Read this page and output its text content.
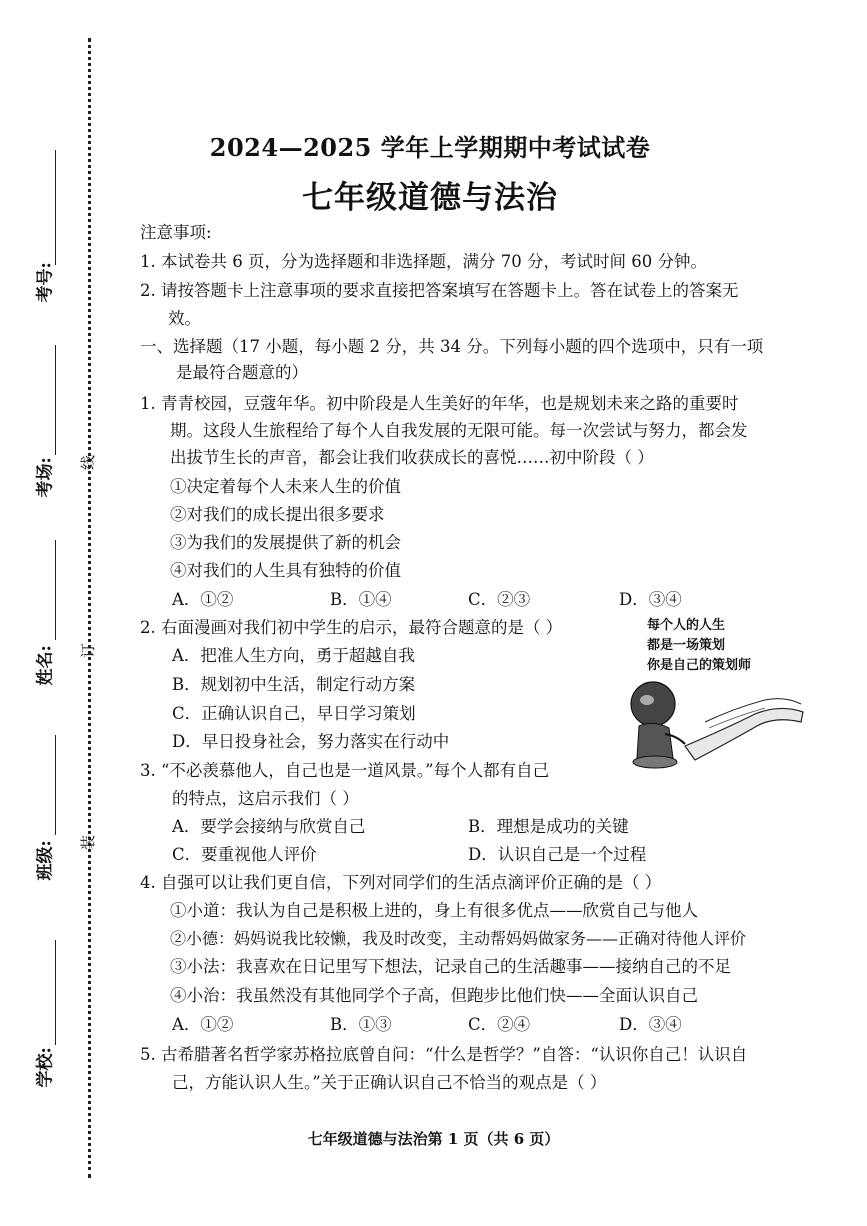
考号:
考场:
姓名:
班级:
学校:
线
订
装
2024—2025 学年上学期期中考试试卷
七年级道德与法治
注意事项:
1. 本试卷共 6 页，分为选择题和非选择题，满分 70 分，考试时间 60 分钟。
2. 请按答题卡上注意事项的要求直接把答案填写在答题卡上。答在试卷上的答案无
效。
一、选择题（17 小题，每小题 2 分，共 34 分。下列每小题的四个选项中，只有一项
是最符合题意的）
1. 青青校园，豆蔻年华。初中阶段是人生美好的年华，也是规划未来之路的重要时
期。这段人生旅程给了每个人自我发展的无限可能。每一次尝试与努力，都会发
出拔节生长的声音，都会让我们收获成长的喜悦……初中阶段（ ）
①决定着每个人未来人生的价值
②对我们的成长提出很多要求
③为我们的发展提供了新的机会
④对我们的人生具有独特的价值
A．①②	B．①④	C．②③	D．③④
2. 右面漫画对我们初中学生的启示，最符合题意的是（ ）
A．把准人生方向，勇于超越自我
B．规划初中生活，制定行动方案
C．正确认识自己，早日学习策划
D．早日投身社会，努力落实在行动中
每个人的人生
都是一场策划
你是自己的策划师
3. “不必羡慕他人，自己也是一道风景。”每个人都有自己
的特点，这启示我们（ ）
A．要学会接纳与欣赏自己	B．理想是成功的关键
C．要重视他人评价	D．认识自己是一个过程
4. 自强可以让我们更自信，下列对同学们的生活点滴评价正确的是（ ）
①小道：我认为自己是积极上进的，身上有很多优点——欣赏自己与他人
②小德：妈妈说我比较懒，我及时改变，主动帮妈妈做家务——正确对待他人评价
③小法：我喜欢在日记里写下想法，记录自己的生活趣事——接纳自己的不足
④小治：我虽然没有其他同学个子高，但跑步比他们快——全面认识自己
A．①②	B．①③	C．②④	D．③④
5. 古希腊著名哲学家苏格拉底曾自问：“什么是哲学？”自答：“认识你自己！认识自
己，方能认识人生。”关于正确认识自己不恰当的观点是（ ）
七年级道德与法治第 1 页（共 6 页）
